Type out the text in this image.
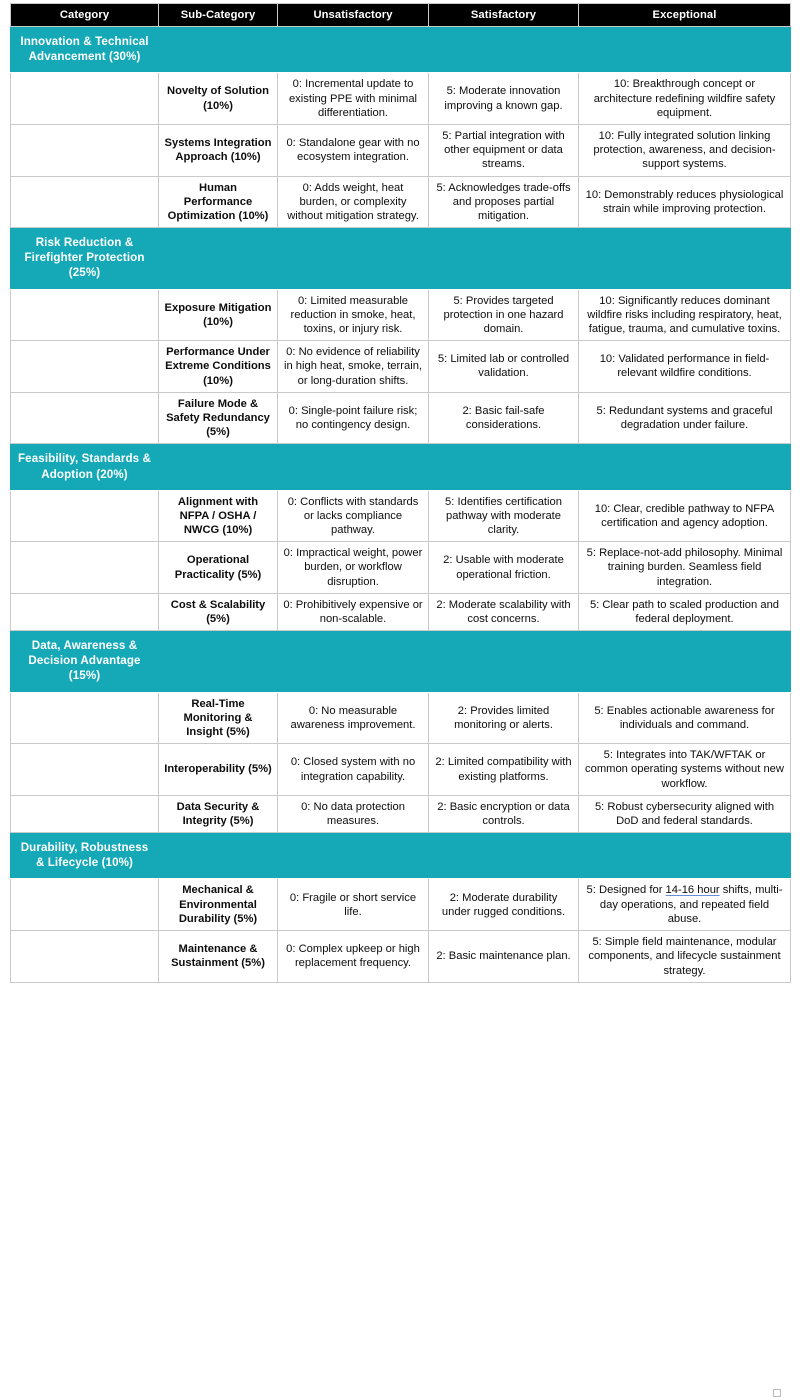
Category	Sub-Category	Unsatisfactory	Satisfactory	Exceptional
Innovation & Technical Advancement (30%)				
	Novelty of Solution (10%)	0: Incremental update to existing PPE with minimal differentiation.	5: Moderate innovation improving a known gap.	10: Breakthrough concept or architecture redefining wildfire safety equipment.
	Systems Integration Approach (10%)	0: Standalone gear with no ecosystem integration.	5: Partial integration with other equipment or data streams.	10: Fully integrated solution linking protection, awareness, and decision-support systems.
	Human Performance Optimization (10%)	0: Adds weight, heat burden, or complexity without mitigation strategy.	5: Acknowledges trade-offs and proposes partial mitigation.	10: Demonstrably reduces physiological strain while improving protection.
Risk Reduction & Firefighter Protection (25%)				
	Exposure Mitigation (10%)	0: Limited measurable reduction in smoke, heat, toxins, or injury risk.	5: Provides targeted protection in one hazard domain.	10: Significantly reduces dominant wildfire risks including respiratory, heat, fatigue, trauma, and cumulative toxins.
	Performance Under Extreme Conditions (10%)	0: No evidence of reliability in high heat, smoke, terrain, or long-duration shifts.	5: Limited lab or controlled validation.	10: Validated performance in field-relevant wildfire conditions.
	Failure Mode & Safety Redundancy (5%)	0: Single-point failure risk; no contingency design.	2: Basic fail-safe considerations.	5: Redundant systems and graceful degradation under failure.
Feasibility, Standards & Adoption (20%)				
	Alignment with NFPA / OSHA / NWCG (10%)	0: Conflicts with standards or lacks compliance pathway.	5: Identifies certification pathway with moderate clarity.	10: Clear, credible pathway to NFPA certification and agency adoption.
	Operational Practicality (5%)	0: Impractical weight, power burden, or workflow disruption.	2: Usable with moderate operational friction.	5: Replace-not-add philosophy. Minimal training burden. Seamless field integration.
	Cost & Scalability (5%)	0: Prohibitively expensive or non-scalable.	2: Moderate scalability with cost concerns.	5: Clear path to scaled production and federal deployment.
Data, Awareness & Decision Advantage (15%)				
	Real-Time Monitoring & Insight (5%)	0: No measurable awareness improvement.	2: Provides limited monitoring or alerts.	5: Enables actionable awareness for individuals and command.
	Interoperability (5%)	0: Closed system with no integration capability.	2: Limited compatibility with existing platforms.	5: Integrates into TAK/WFTAK or common operating systems without new workflow.
	Data Security & Integrity (5%)	0: No data protection measures.	2: Basic encryption or data controls.	5: Robust cybersecurity aligned with DoD and federal standards.
Durability, Robustness & Lifecycle (10%)				
	Mechanical & Environmental Durability (5%)	0: Fragile or short service life.	2: Moderate durability under rugged conditions.	5: Designed for 14-16 hour shifts, multi-day operations, and repeated field abuse.
	Maintenance & Sustainment (5%)	0: Complex upkeep or high replacement frequency.	2: Basic maintenance plan.	5: Simple field maintenance, modular components, and lifecycle sustainment strategy.
